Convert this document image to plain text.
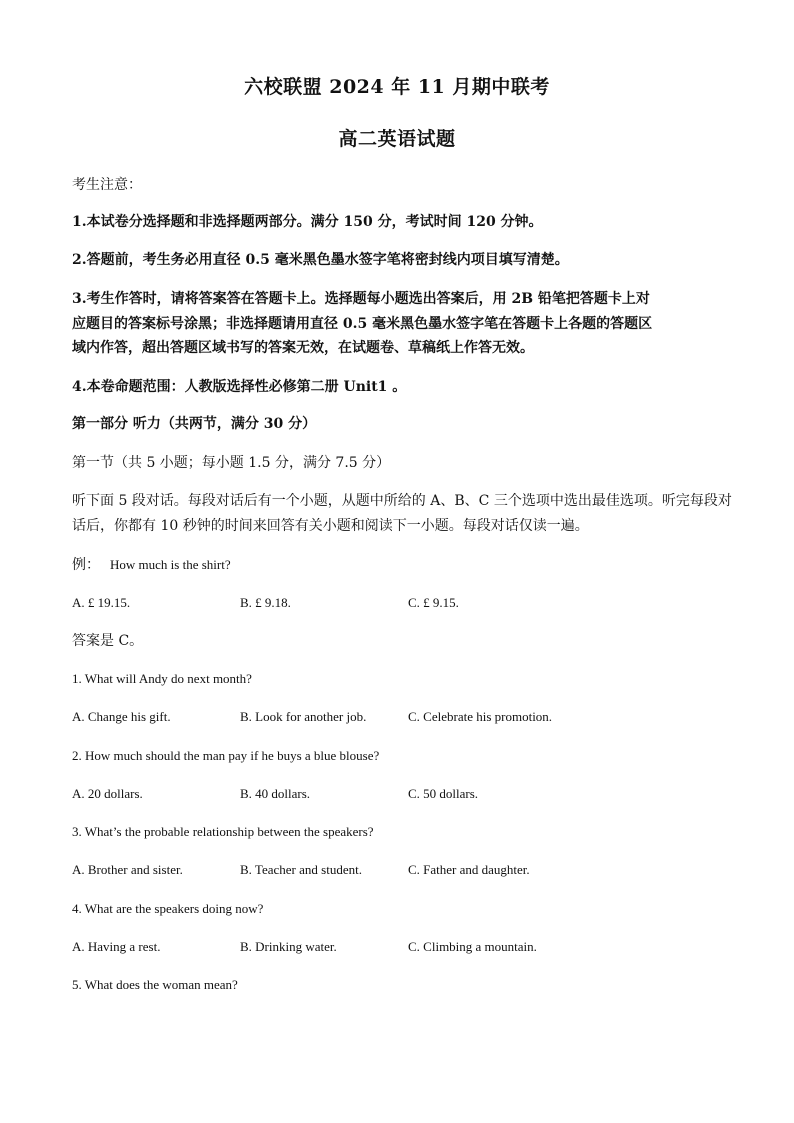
六校联盟 2024 年 11 月期中联考
高二英语试题
考生注意：
1.本试卷分选择题和非选择题两部分。满分 150 分，考试时间 120 分钟。
2.答题前，考生务必用直径 0.5 毫米黑色墨水签字笔将密封线内项目填写清楚。
3.考生作答时，请将答案答在答题卡上。选择题每小题选出答案后，用 2B 铅笔把答题卡上对
应题目的答案标号涂黑；非选择题请用直径 0.5 毫米黑色墨水签字笔在答题卡上各题的答题区
域内作答，超出答题区域书写的答案无效，在试题卷、草稿纸上作答无效。
4.本卷命题范围：人教版选择性必修第二册 Unit1 。
第一部分 听力（共两节，满分 30 分）
第一节（共 5 小题；每小题 1.5 分，满分 7.5 分）
听下面 5 段对话。每段对话后有一个小题，从题中所给的 A、B、C 三个选项中选出最佳选项。听完每段对
话后，你都有 10 秒钟的时间来回答有关小题和阅读下一小题。每段对话仅读一遍。
例： How much is the shirt?
A. £ 19.15.	B. £ 9.18.	C. £ 9.15.
答案是 C。
1. What will Andy do next month?
A. Change his gift.	B. Look for another job.	C. Celebrate his promotion.
2. How much should the man pay if he buys a blue blouse?
A. 20 dollars.	B. 40 dollars.	C. 50 dollars.
3. What’s the probable relationship between the speakers?
A. Brother and sister.	B. Teacher and student.	C. Father and daughter.
4. What are the speakers doing now?
A. Having a rest.	B. Drinking water.	C. Climbing a mountain.
5. What does the woman mean?
